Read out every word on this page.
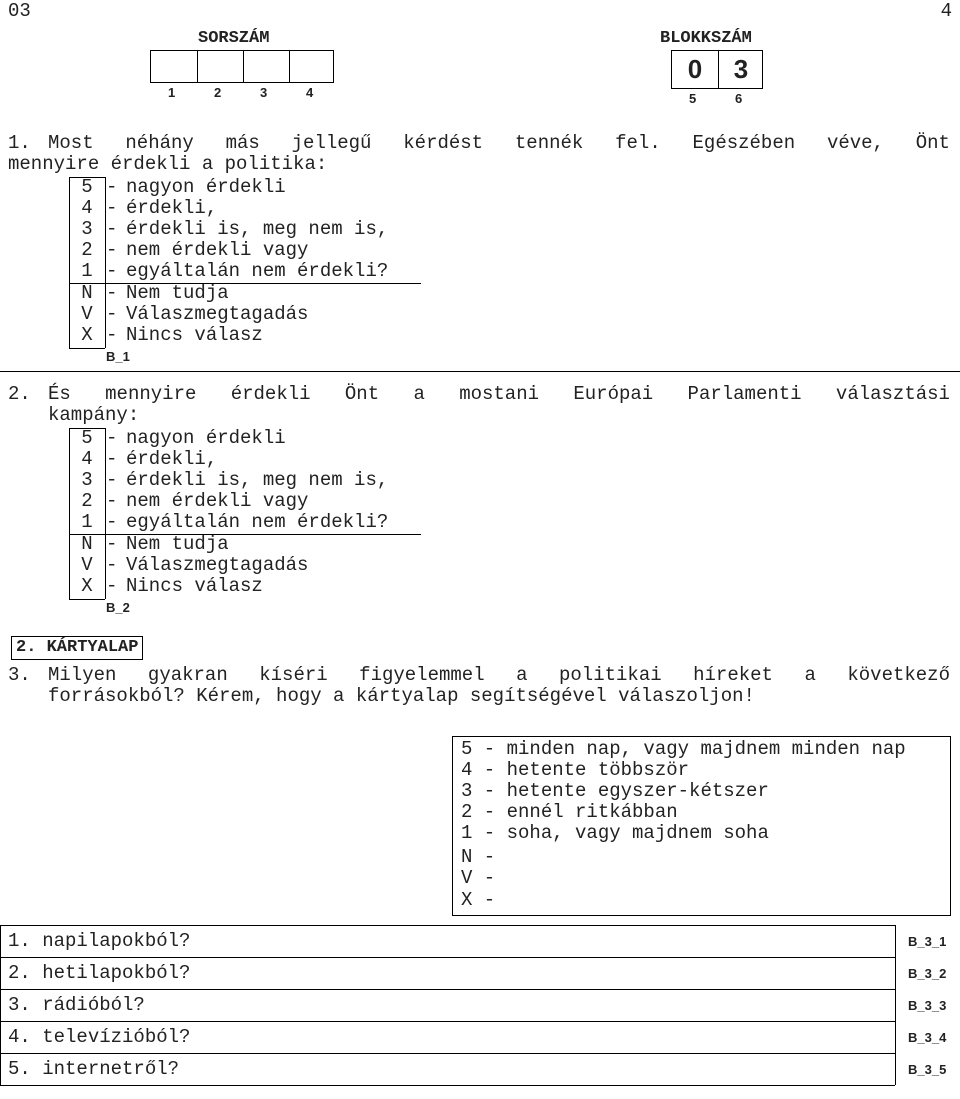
03	4
SORSZÁM
1	2	3	4
BLOKKSZÁM
0	3
5	6
1. Most néhány más jellegű kérdést tennék fel. Egészében véve, Önt
mennyire érdekli a politika:
5 - nagyon érdekli
4 - érdekli,
3 - érdekli is, meg nem is,
2 - nem érdekli vagy
1 - egyáltalán nem érdekli?
N - Nem tudja
V - Válaszmegtagadás
X - Nincs válasz
B_1
2. És mennyire érdekli Önt a mostani Európai Parlamenti választási
kampány:
5 - nagyon érdekli
4 - érdekli,
3 - érdekli is, meg nem is,
2 - nem érdekli vagy
1 - egyáltalán nem érdekli?
N - Nem tudja
V - Válaszmegtagadás
X - Nincs válasz
B_2
2. KÁRTYALAP
3. Milyen gyakran kíséri figyelemmel a politikai híreket a következő
forrásokból? Kérem, hogy a kártyalap segítségével válaszoljon!
5 - minden nap, vagy majdnem minden nap
4 - hetente többször
3 - hetente egyszer-kétszer
2 - ennél ritkábban
1 - soha, vagy majdnem soha
N -
V -
X -
1. napilapokból?
2. hetilapokból?
3. rádióból?
4. televízióból?
5. internetről?
B_3_1
B_3_2
B_3_3
B_3_4
B_3_5
